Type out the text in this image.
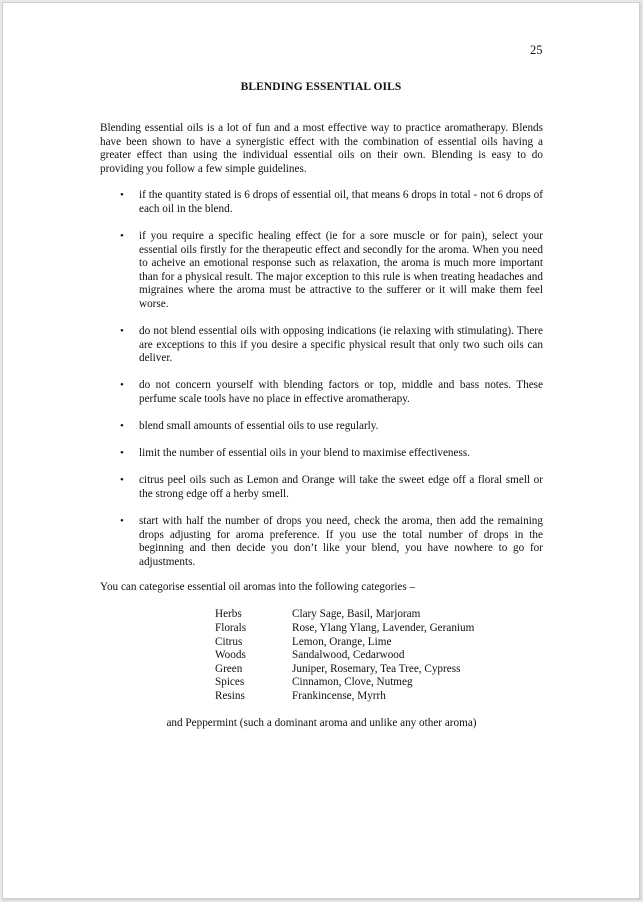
25
BLENDING ESSENTIAL OILS

Blending essential oils is a lot of fun and a most effective way to practice aromatherapy. Blends have been shown to have a synergistic effect with the combination of essential oils having a greater effect than using the individual essential oils on their own. Blending is easy to do providing you follow a few simple guidelines.

• if the quantity stated is 6 drops of essential oil, that means 6 drops in total - not 6 drops of each oil in the blend.
• if you require a specific healing effect (ie for a sore muscle or for pain), select your essential oils firstly for the therapeutic effect and secondly for the aroma. When you need to acheive an emotional response such as relaxation, the aroma is much more important than for a physical result. The major exception to this rule is when treating headaches and migraines where the aroma must be attractive to the sufferer or it will make them feel worse.
• do not blend essential oils with opposing indications (ie relaxing with stimulating). There are exceptions to this if you desire a specific physical result that only two such oils can deliver.
• do not concern yourself with blending factors or top, middle and bass notes. These perfume scale tools have no place in effective aromatherapy.
• blend small amounts of essential oils to use regularly.
• limit the number of essential oils in your blend to maximise effectiveness.
• citrus peel oils such as Lemon and Orange will take the sweet edge off a floral smell or the strong edge off a herby smell.
• start with half the number of drops you need, check the aroma, then add the remaining drops adjusting for aroma preference. If you use the total number of drops in the beginning and then decide you don’t like your blend, you have nowhere to go for adjustments.

You can categorise essential oil aromas into the following categories –

Herbs	Clary Sage, Basil, Marjoram
Florals	Rose, Ylang Ylang, Lavender, Geranium
Citrus	Lemon, Orange, Lime
Woods	Sandalwood, Cedarwood
Green	Juniper, Rosemary, Tea Tree, Cypress
Spices	Cinnamon, Clove, Nutmeg
Resins	Frankincense, Myrrh
and Peppermint (such a dominant aroma and unlike any other aroma)
